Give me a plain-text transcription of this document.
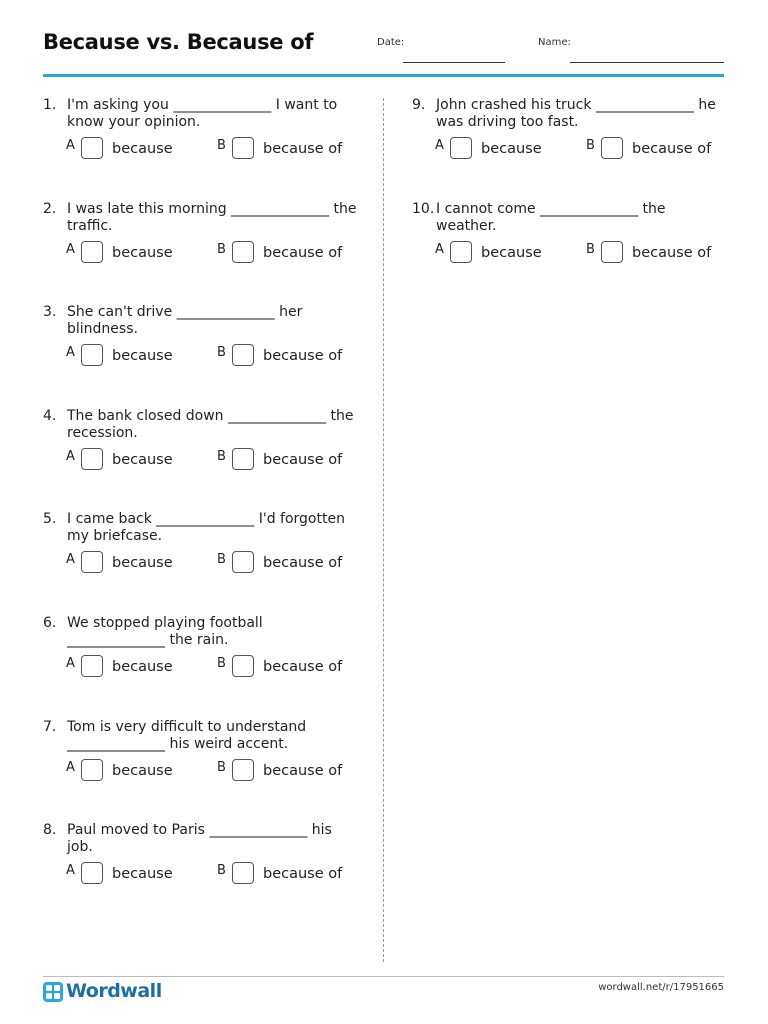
Because vs. Because of	Date:	Name:
1. I'm asking you ______________ I want to know your opinion.
A	because	B	because of
2. I was late this morning ______________ the traffic.
A	because	B	because of
3. She can't drive ______________ her blindness.
A	because	B	because of
4. The bank closed down ______________ the recession.
A	because	B	because of
5. I came back ______________ I'd forgotten my briefcase.
A	because	B	because of
6. We stopped playing football ______________ the rain.
A	because	B	because of
7. Tom is very difficult to understand ______________ his weird accent.
A	because	B	because of
8. Paul moved to Paris ______________ his job.
A	because	B	because of
9. John crashed his truck ______________ he was driving too fast.
A	because	B	because of
10. I cannot come ______________ the weather.
A	because	B	because of
Wordwall	wordwall.net/r/17951665
